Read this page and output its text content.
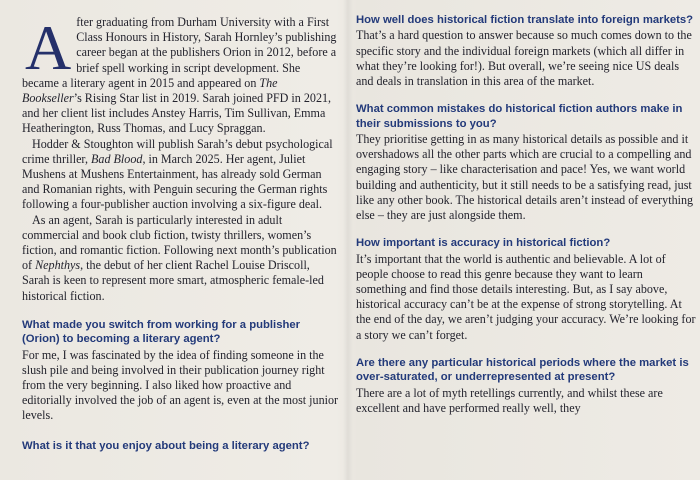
A fter graduating from Durham University with a First Class Honours in History, Sarah Hornley’s publishing career began at the publishers Orion in 2012, before a brief spell working in script development. She became a literary agent in 2015 and appeared on The Bookseller’s Rising Star list in 2019. Sarah joined PFD in 2021, and her client list includes Anstey Harris, Tim Sullivan, Emma Heatherington, Russ Thomas, and Lucy Spraggan.

Hodder & Stoughton will publish Sarah’s debut psychological crime thriller, Bad Blood, in March 2025. Her agent, Juliet Mushens at Mushens Entertainment, has already sold German and Romanian rights, with Penguin securing the German rights following a four-publisher auction involving a six-figure deal.

As an agent, Sarah is particularly interested in adult commercial and book club fiction, twisty thrillers, women’s fiction, and romantic fiction. Following next month’s publication of Nephthys, the debut of her client Rachel Louise Driscoll, Sarah is keen to represent more smart, atmospheric female-led historical fiction.

What made you switch from working for a publisher (Orion) to becoming a literary agent?

For me, I was fascinated by the idea of finding someone in the slush pile and being involved in their publication journey right from the very beginning. I also liked how proactive and editorially involved the job of an agent is, even at the most junior levels.

What is it that you enjoy about being a literary agent?
How well does historical fiction translate into foreign markets?

That’s a hard question to answer because so much comes down to the specific story and the individual foreign markets (which all differ in what they’re looking for!). But overall, we’re seeing nice US deals and deals in translation in this area of the market.

What common mistakes do historical fiction authors make in their submissions to you?

They prioritise getting in as many historical details as possible and it overshadows all the other parts which are crucial to a compelling and engaging story – like characterisation and pace! Yes, we want world building and authenticity, but it still needs to be a satisfying read, just like any other book. The historical details aren’t instead of everything else – they are just alongside them.

How important is accuracy in historical fiction?

It’s important that the world is authentic and believable. A lot of people choose to read this genre because they want to learn something and find those details interesting. But, as I say above, historical accuracy can’t be at the expense of strong storytelling. At the end of the day, we aren’t judging your accuracy. We’re looking for a story we can’t forget.

Are there any particular historical periods where the market is over-saturated, or underrepresented at present?

There are a lot of myth retellings currently, and whilst these are excellent and have performed really well, they
